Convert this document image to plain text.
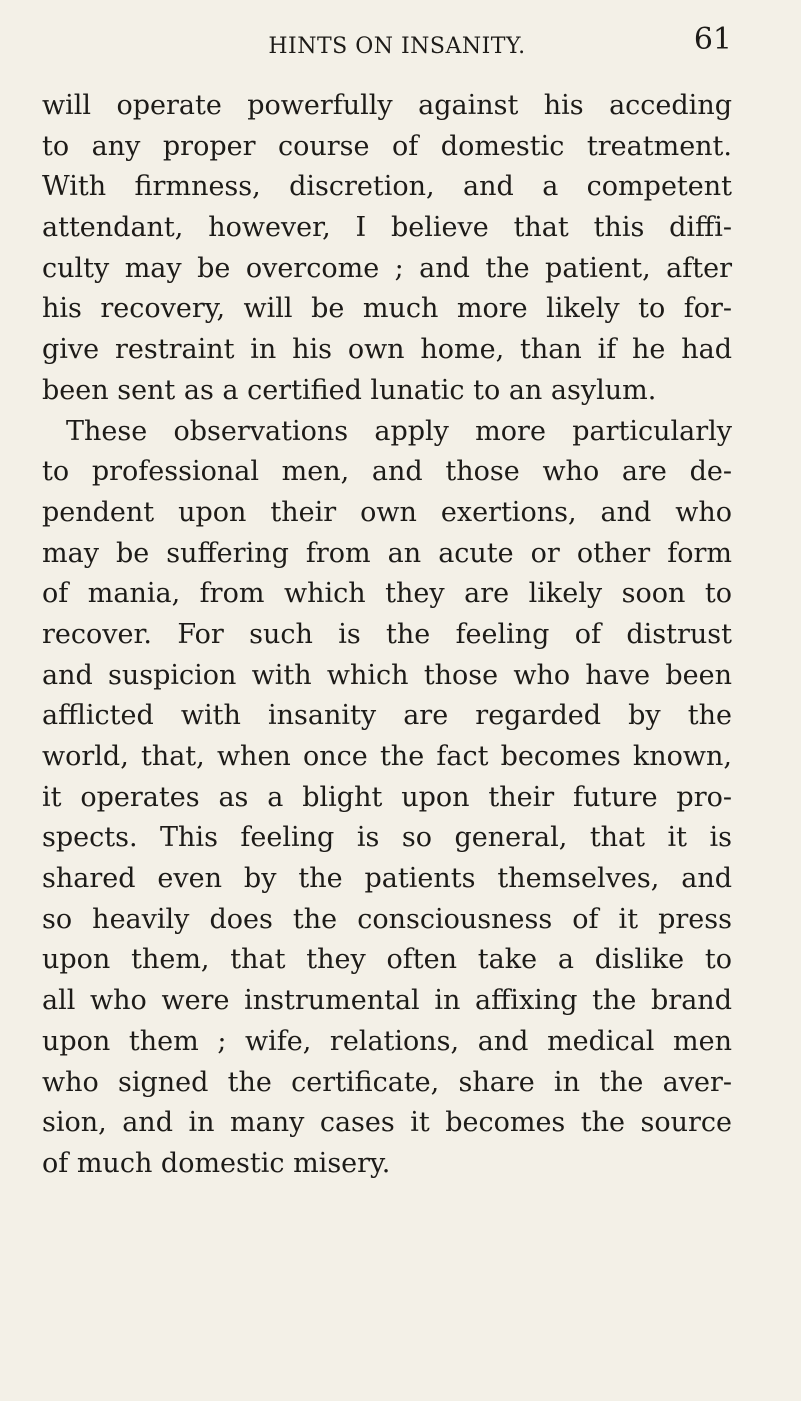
HINTS ON INSANITY.	61
will operate powerfully against his acceding
to any proper course of domestic treatment.
With firmness, discretion, and a competent
attendant, however, I believe that this diffi-
culty may be overcome ; and the patient, after
his recovery, will be much more likely to for-
give restraint in his own home, than if he had
been sent as a certified lunatic to an asylum.
These observations apply more particularly
to professional men, and those who are de-
pendent upon their own exertions, and who
may be suffering from an acute or other form
of mania, from which they are likely soon to
recover. For such is the feeling of distrust
and suspicion with which those who have been
afflicted with insanity are regarded by the
world, that, when once the fact becomes known,
it operates as a blight upon their future pro-
spects. This feeling is so general, that it is
shared even by the patients themselves, and
so heavily does the consciousness of it press
upon them, that they often take a dislike to
all who were instrumental in affixing the brand
upon them ; wife, relations, and medical men
who signed the certificate, share in the aver-
sion, and in many cases it becomes the source
of much domestic misery.
